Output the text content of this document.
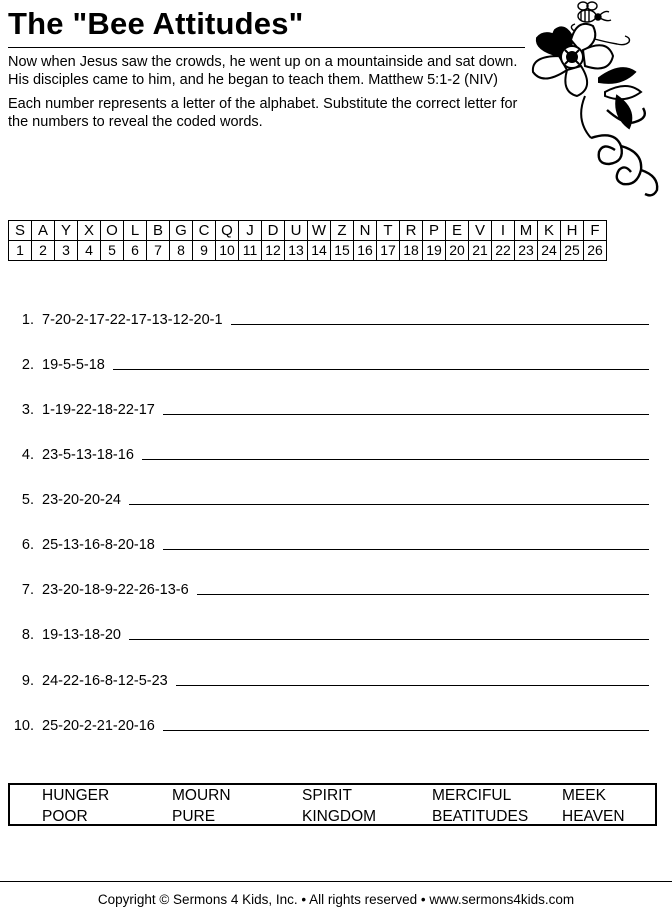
The "Bee Attitudes"

Now when Jesus saw the crowds, he went up on a mountainside and sat down. His disciples came to him, and he began to teach them. Matthew 5:1-2 (NIV)

Each number represents a letter of the alphabet. Substitute the correct letter for the numbers to reveal the coded words.

S	A	Y	X	O	L	B	G	C	Q	J	D	U	W	Z	N	T	R	P	E	V	I	M	K	H	F
1	2	3	4	5	6	7	8	9	10	11	12	13	14	15	16	17	18	19	20	21	22	23	24	25	26
1. 7-20-2-17-22-17-13-12-20-1
2. 19-5-5-18
3. 1-19-22-18-22-17
4. 23-5-13-18-16
5. 23-20-20-24
6. 25-13-16-8-20-18
7. 23-20-18-9-22-26-13-6
8. 19-13-18-20
9. 24-22-16-8-12-5-23
10. 25-20-2-21-20-16
HUNGER	MOURN	SPIRIT	MERCIFUL	MEEK
POOR	PURE	KINGDOM	BEATITUDES	HEAVEN
Copyright © Sermons 4 Kids, Inc. • All rights reserved • www.sermons4kids.com
